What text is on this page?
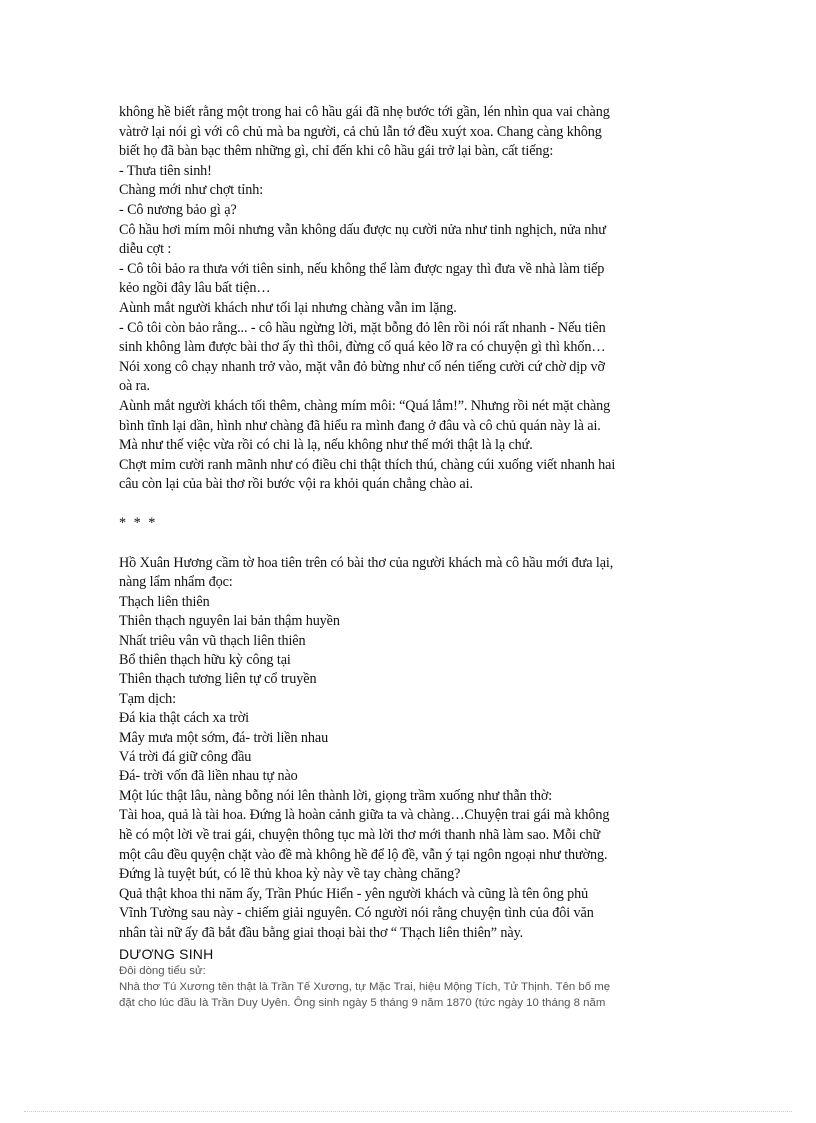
không hề biết rằng một trong hai cô hầu gái đã nhẹ bước tới gần, lén nhìn qua vai chàng
vàtrở lại nói gì với cô chủ mà ba người, cả chủ lẫn tớ đều xuýt xoa. Chang càng không
biết họ đã bàn bạc thêm những gì, chỉ đến khi cô hầu gái trở lại bàn, cất tiếng:
- Thưa tiên sinh!
Chàng mới như chợt tỉnh:
- Cô nương bảo gì ạ?
Cô hầu hơi mím môi nhưng vẫn không dấu được nụ cười nửa như tinh nghịch, nửa như
diễu cợt :
- Cô tôi bảo ra thưa với tiên sinh, nếu không thể làm được ngay thì đưa về nhà làm tiếp
kẻo ngồi đây lâu bất tiện…
Aùnh mắt người khách như tối lại nhưng chàng vẫn im lặng.
- Cô tôi còn bảo rằng... - cô hầu ngừng lời, mặt bỗng đỏ lên rồi nói rất nhanh - Nếu tiên
sinh không làm được bài thơ ấy thì thôi, đừng cố quá kẻo lỡ ra có chuyện gì thì khốn…
Nói xong cô chạy nhanh trở vào, mặt vẫn đỏ bừng như cố nén tiếng cười cứ chờ dịp vỡ
oà ra.
Aùnh mắt người khách tối thêm, chàng mím môi: “Quá lắm!”. Nhưng rồi nét mặt chàng
bình tĩnh lại dần, hình như chàng đã hiểu ra mình đang ở đâu và cô chủ quán này là ai.
Mà như thế việc vừa rồi có chi là lạ, nếu không như thế mới thật là lạ chứ.
Chợt mỉm cười ranh mãnh như có điều chi thật thích thú, chàng cúi xuống viết nhanh hai
câu còn lại của bài thơ rồi bước vội ra khỏi quán chẳng chào ai.
* * *
Hồ Xuân Hương cầm tờ hoa tiên trên có bài thơ của người khách mà cô hầu mới đưa lại,
nàng lẩm nhẩm đọc:
Thạch liên thiên
Thiên thạch nguyên lai bản thậm huyền
Nhất triêu vân vũ thạch liên thiên
Bổ thiên thạch hữu kỳ công tại
Thiên thạch tương liên tự cổ truyền
Tạm dịch:
Đá kia thật cách xa trời
Mây mưa một sớm, đá- trời liền nhau
Vá trời đá giữ công đầu
Đá- trời vốn đã liền nhau tự nào
Một lúc thật lâu, nàng bỗng nói lên thành lời, giọng trầm xuống như thẫn thờ:
Tài hoa, quả là tài hoa. Đứng là hoàn cảnh giữa ta và chàng…Chuyện trai gái mà không
hề có một lời về trai gái, chuyện thông tục mà lời thơ mới thanh nhã làm sao. Mỗi chữ
một câu đều quyện chặt vào đề mà không hề để lộ đề, vẫn ý tại ngôn ngoại như thường.
Đứng là tuyệt bút, có lẽ thủ khoa kỳ này về tay chàng chăng?
Quả thật khoa thi năm ấy, Trần Phúc Hiển - yên người khách và cũng là tên ông phủ
Vĩnh Tường sau này - chiếm giải nguyên. Có người nói rằng chuyện tình của đôi văn
nhân tài nữ ấy đã bắt đầu bằng giai thoại bài thơ “ Thạch liên thiên” này.
DƯƠNG SINH
Đôi dòng tiểu sử:
Nhà thơ Tú Xương tên thật là Trần Tế Xương, tự Mặc Trai, hiệu Mộng Tích, Tử Thịnh. Tên bố mẹ
đặt cho lúc đầu là Trần Duy Uyên. Ông sinh ngày 5 tháng 9 năm 1870 (tức ngày 10 tháng 8 năm
